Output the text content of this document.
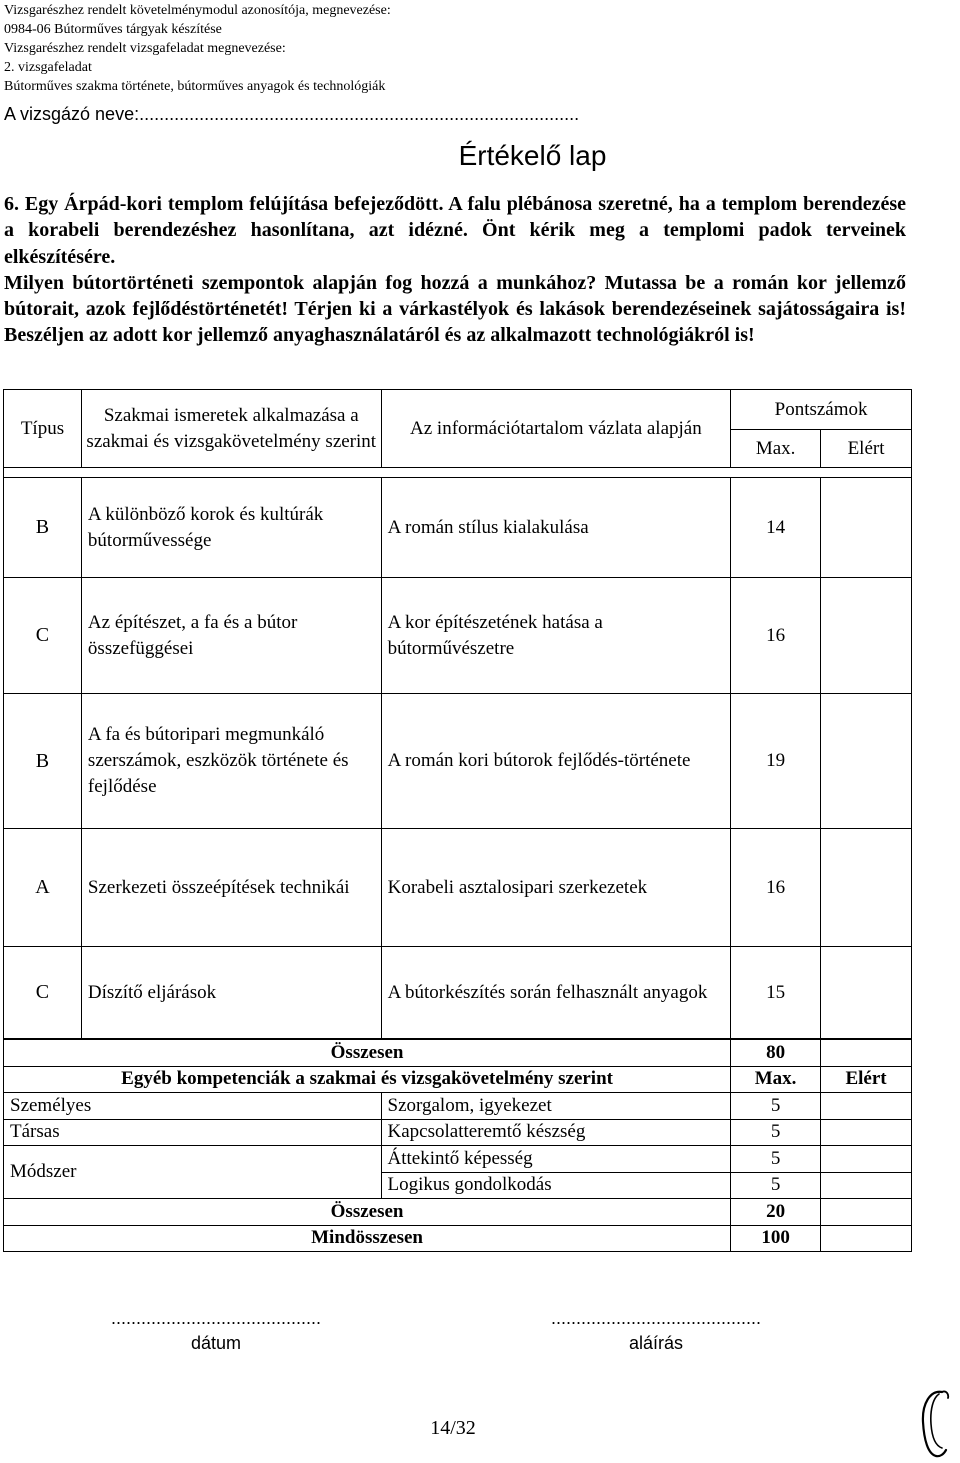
Vizsgarészhez rendelt követelménymodul azonosítója, megnevezése:
0984-06 Bútorműves tárgyak készítése
Vizsgarészhez rendelt vizsgafeladat megnevezése:
2. vizsgafeladat
Bútorműves szakma története, bútorműves anyagok és technológiák
A vizsgázó neve:........................................................................................
Értékelő lap
6. Egy Árpád-kori templom felújítása befejeződött. A falu plébánosa szeretné, ha a templom berendezése a korabeli berendezéshez hasonlítana, azt idézné. Önt kérik meg a templomi padok terveinek elkészítésére.
Milyen bútortörténeti szempontok alapján fog hozzá a munkához? Mutassa be a román kor jellemző bútorait, azok fejlődéstörténetét! Térjen ki a várkastélyok és lakások berendezéseinek sajátosságaira is! Beszéljen az adott kor jellemző anyaghasználatáról és az alkalmazott technológiákról is!
Típus	Szakmai ismeretek alkalmazása a szakmai és vizsgakövetelmény szerint	Az információtartalom vázlata alapján	Pontszámok	
			Max.	Elért

B	A különböző korok és kultúrák bútorművessége	A román stílus kialakulása	14	
C	Az építészet, a fa és a bútor összefüggései	A kor építészetének hatása a bútorművészetre	16	
B	A fa és bútoripari megmunkáló szerszámok, eszközök története és fejlődése	A román kori bútorok fejlődés-története	19	
A	Szerkezeti összeépítések technikái	Korabeli asztalosipari szerkezetek	16	
C	Díszítő eljárások	A bútorkészítés során felhasznált anyagok	15	
Összesen		80	
Egyéb kompetenciák a szakmai és vizsgakövetelmény szerint		Max.	Elért
Személyes	Szorgalom, igyekezet	5	
Társas	Kapcsolatteremtő készség	5	
Módszer	Áttekintő képesség	5	
	Logikus gondolkodás	5	
Összesen		20	
Mindösszesen		100	
..........................................
dátum
..........................................
aláírás
14/32
